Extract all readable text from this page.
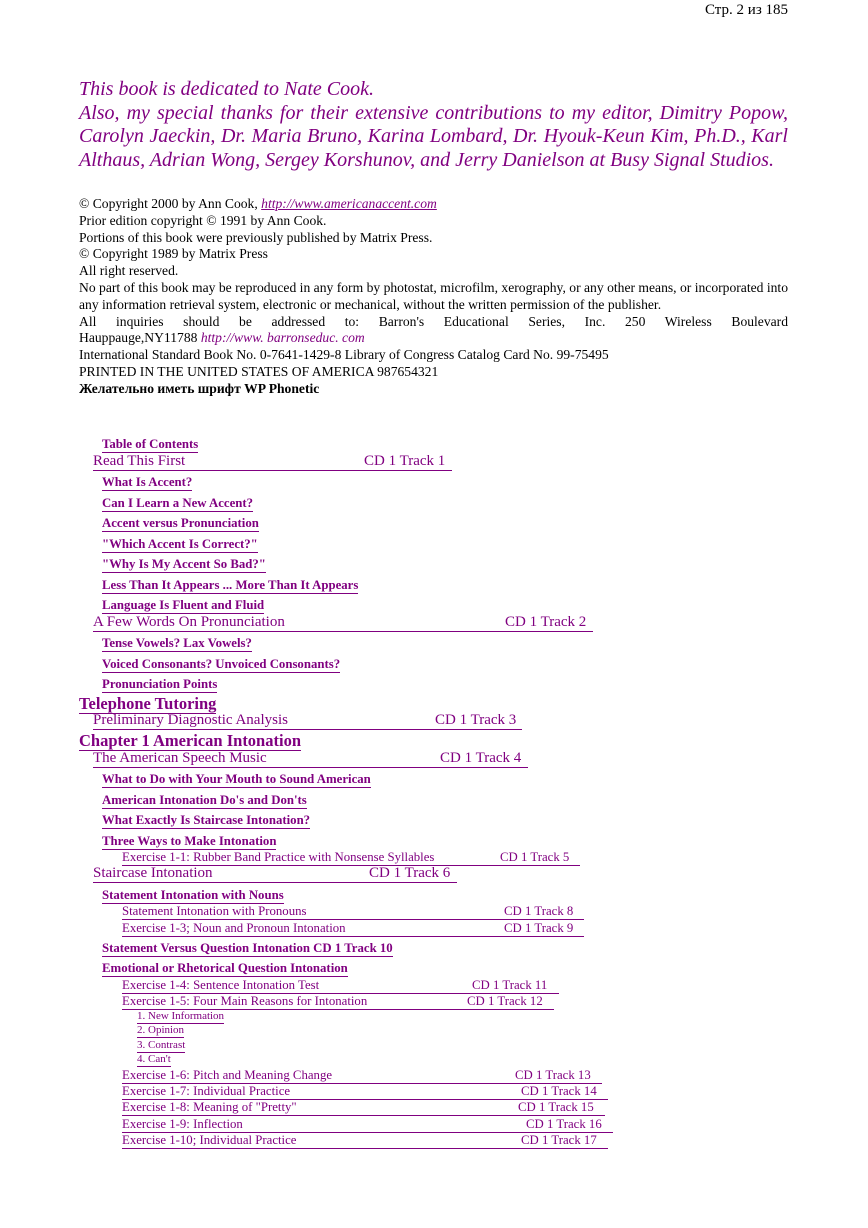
Стр. 2 из 185

This book is dedicated to Nate Cook.

Also, my special thanks for their extensive contributions to my editor, Dimitry Popow, Carolyn Jaeckin, Dr. Maria Bruno, Karina Lombard, Dr. Hyouk-Keun Kim, Ph.D., Karl Althaus, Adrian Wong, Sergey Korshunov, and Jerry Danielson at Busy Signal Studios.

© Copyright 2000 by Ann Cook, http://www.americanaccent.com

Prior edition copyright © 1991 by Ann Cook.

Portions of this book were previously published by Matrix Press.

© Copyright 1989 by Matrix Press

All right reserved.

No part of this book may be reproduced in any form by photostat, microfilm, xerography, or any other means, or incorporated into any information retrieval system, electronic or mechanical, without the written permission of the publisher.

All inquiries should be addressed to: Barron's Educational Series, Inc. 250 Wireless Boulevard

Hauppauge,NY11788 http://www. barronseduc. com

International Standard Book No. 0-7641-1429-8 Library of Congress Catalog Card No. 99-75495

PRINTED IN THE UNITED STATES OF AMERICA 987654321

Желательно иметь шрифт WP Phonetic

Table of Contents
Read This First	CD 1 Track 1
What Is Accent?
Can I Learn a New Accent?
Accent versus Pronunciation
"Which Accent Is Correct?"
"Why Is My Accent So Bad?"
Less Than It Appears ... More Than It Appears
Language Is Fluent and Fluid
A Few Words On Pronunciation	CD 1 Track 2
Tense Vowels? Lax Vowels?
Voiced Consonants? Unvoiced Consonants?
Pronunciation Points
Telephone Tutoring
Preliminary Diagnostic Analysis	CD 1 Track 3
Chapter 1 American Intonation
The American Speech Music	CD 1 Track 4
What to Do with Your Mouth to Sound American
American Intonation Do's and Don'ts
What Exactly Is Staircase Intonation?
Three Ways to Make Intonation
Exercise 1-1: Rubber Band Practice with Nonsense Syllables	CD 1 Track 5
Staircase Intonation	CD 1 Track 6
Statement Intonation with Nouns
Statement Intonation with Pronouns	CD 1 Track 8
Exercise 1-3; Noun and Pronoun Intonation	CD 1 Track 9
Statement Versus Question Intonation CD 1 Track 10
Emotional or Rhetorical Question Intonation
Exercise 1-4: Sentence Intonation Test	CD 1 Track 11
Exercise 1-5: Four Main Reasons for Intonation	CD 1 Track 12
1. New Information
2. Opinion
3. Contrast
4. Can't
Exercise 1-6: Pitch and Meaning Change	CD 1 Track 13
Exercise 1-7: Individual Practice	CD 1 Track 14
Exercise 1-8: Meaning of "Pretty"	CD 1 Track 15
Exercise 1-9: Inflection	CD 1 Track 16
Exercise 1-10; Individual Practice	CD 1 Track 17
